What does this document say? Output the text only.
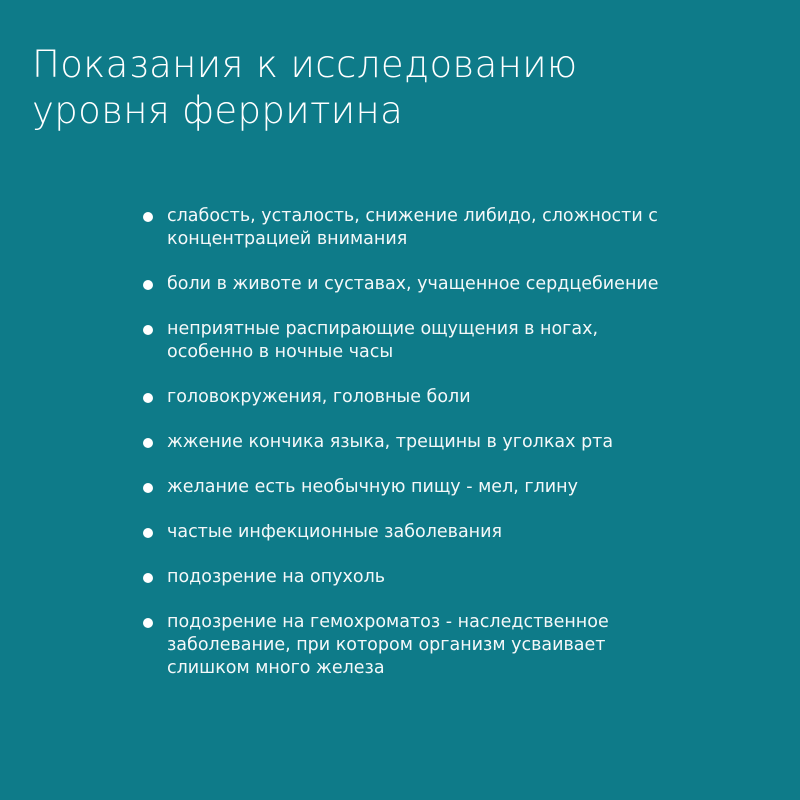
Показания к исследованию
уровня ферритина
слабость, усталость, снижение либидо, сложности с
концентрацией внимания
боли в животе и суставах, учащенное сердцебиение
неприятные распирающие ощущения в ногах,
особенно в ночные часы
головокружения, головные боли
жжение кончика языка, трещины в уголках рта
желание есть необычную пищу - мел, глину
частые инфекционные заболевания
подозрение на опухоль
подозрение на гемохроматоз - наследственное
заболевание, при котором организм усваивает
слишком много железа
